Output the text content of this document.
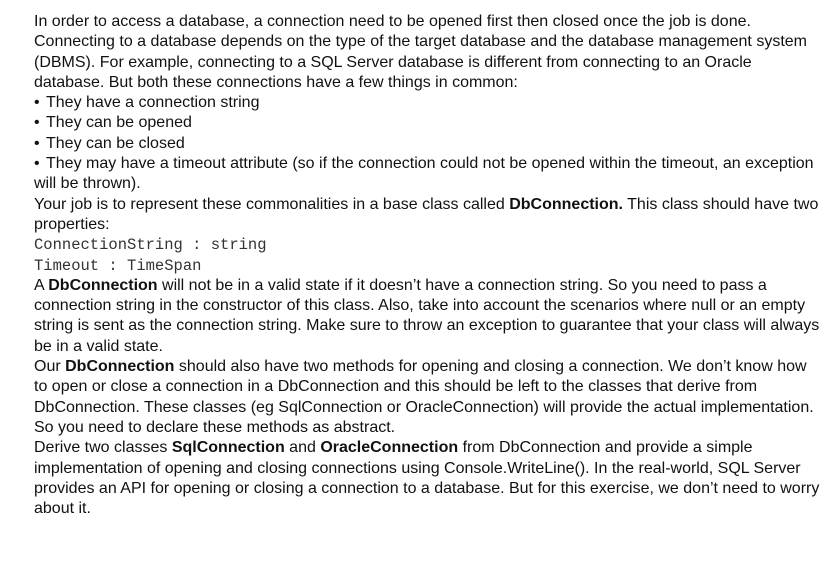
In order to access a database, a connection need to be opened first then closed once the job is done. Connecting to a database depends on the type of the target database and the database management system (DBMS). For example, connecting to a SQL Server database is different from connecting to an Oracle database. But both these connections have a few things in common:

• They have a connection string

• They can be opened

• They can be closed

• They may have a timeout attribute (so if the connection could not be opened within the timeout, an exception will be thrown).

Your job is to represent these commonalities in a base class called DbConnection. This class should have two properties:

ConnectionString : string

Timeout : TimeSpan

A DbConnection will not be in a valid state if it doesn’t have a connection string. So you need to pass a connection string in the constructor of this class. Also, take into account the scenarios where null or an empty string is sent as the connection string. Make sure to throw an exception to guarantee that your class will always be in a valid state.

Our DbConnection should also have two methods for opening and closing a connection. We don’t know how to open or close a connection in a DbConnection and this should be left to the classes that derive from DbConnection. These classes (eg SqlConnection or OracleConnection) will provide the actual implementation. So you need to declare these methods as abstract.

Derive two classes SqlConnection and OracleConnection from DbConnection and provide a simple implementation of opening and closing connections using Console.WriteLine(). In the real-world, SQL Server provides an API for opening or closing a connection to a database. But for this exercise, we don’t need to worry about it.
